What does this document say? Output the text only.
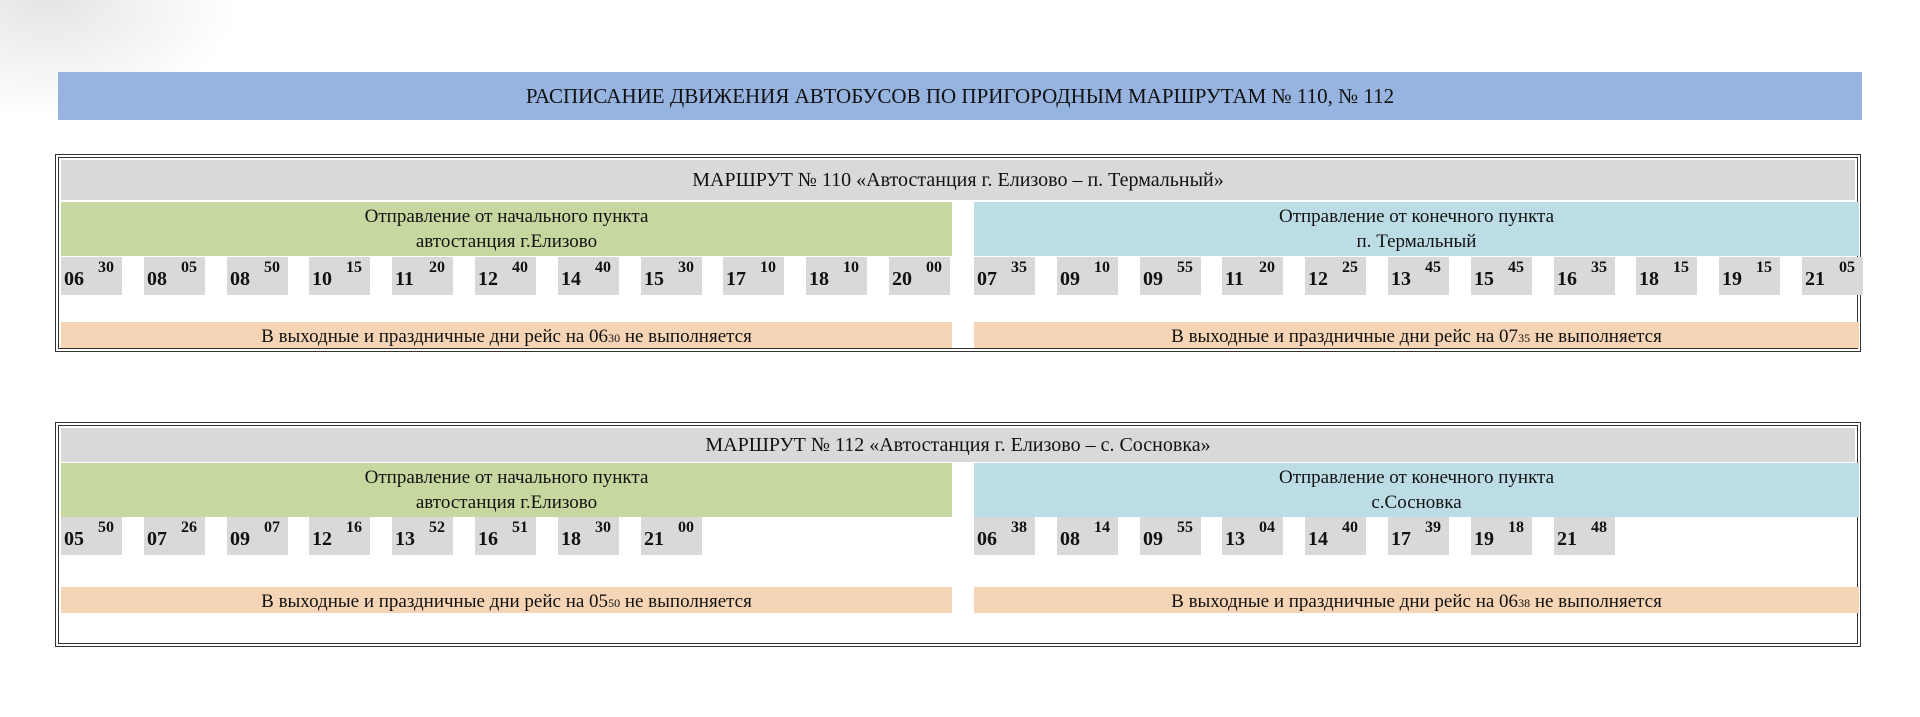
РАСПИСАНИЕ ДВИЖЕНИЯ АВТОБУСОВ ПО ПРИГОРОДНЫМ МАРШРУТАМ № 110, № 112
МАРШРУТ № 110 «Автостанция г. Елизово – п. Термальный»
Отправление от начального пункта
автостанция г.Елизово
Отправление от конечного пункта
п. Термальный
06
30
08
05
08
50
10
15
11
20
12
40
14
40
15
30
17
10
18
10
20
00
07
35
09
10
09
55
11
20
12
25
13
45
15
45
16
35
18
15
19
15
21
05
В выходные и праздничные дни рейс на $06^{30}$ не выполняется	В выходные и праздничные дни рейс на $07^{35}$ не выполняется
МАРШРУТ № 112 «Автостанция г. Елизово – с. Сосновка»
Отправление от начального пункта
автостанция г.Елизово
Отправление от конечного пункта
с.Сосновка
05
50
07
26
09
07
12
16
13
52
16
51
18
30
21
00
06
38
08
14
09
55
13
04
14
40
17
39
19
18
21
48
В выходные и праздничные дни рейс на $05^{50}$ не выполняется	В выходные и праздничные дни рейс на $06^{38}$ не выполняется
